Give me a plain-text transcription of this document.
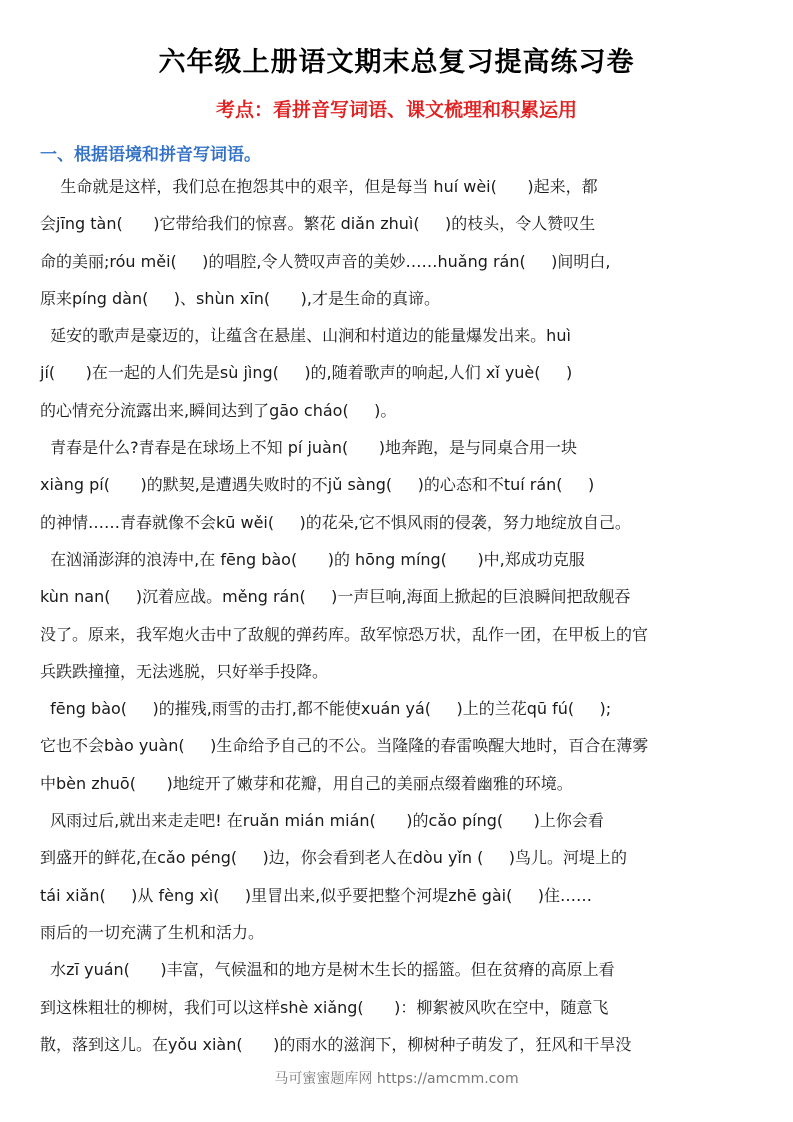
六年级上册语文期末总复习提高练习卷
考点：看拼音写词语、课文梳理和积累运用
一、根据语境和拼音写词语。
生命就是这样，我们总在抱怨其中的艰辛，但是每当 huí wèi(      )起来，都
会jīng tàn(      )它带给我们的惊喜。繁花 diǎn zhuì(     )的枝头，令人赞叹生
命的美丽;róu měi(     )的唱腔,令人赞叹声音的美妙……huǎng rán(     )间明白,
原来píng dàn(     )、shùn xīn(      ),才是生命的真谛。
延安的歌声是豪迈的，让蕴含在悬崖、山涧和村道边的能量爆发出来。huì
jí(      )在一起的人们先是sù jìng(     )的,随着歌声的响起,人们 xǐ yuè(     )
的心情充分流露出来,瞬间达到了gāo cháo(     )。
青春是什么?青春是在球场上不知 pí juàn(      )地奔跑，是与同桌合用一块
xiàng pí(      )的默契,是遭遇失败时的不jǔ sàng(     )的心态和不tuí rán(     )
的神情……青春就像不会kū wěi(     )的花朵,它不惧风雨的侵袭，努力地绽放自己。
在汹涌澎湃的浪涛中,在 fēng bào(      )的 hōng míng(      )中,郑成功克服
kùn nan(     )沉着应战。měng rán(     )一声巨响,海面上掀起的巨浪瞬间把敌舰吞
没了。原来，我军炮火击中了敌舰的弹药库。敌军惊恐万状，乱作一团，在甲板上的官
兵跌跌撞撞，无法逃脱，只好举手投降。
fēng bào(     )的摧残,雨雪的击打,都不能使xuán yá(     )上的兰花qū fú(     );
它也不会bào yuàn(     )生命给予自己的不公。当隆隆的春雷唤醒大地时，百合在薄雾
中bèn zhuō(      )地绽开了嫩芽和花瓣，用自己的美丽点缀着幽雅的环境。
风雨过后,就出来走走吧! 在ruǎn mián mián(      )的cǎo píng(      )上你会看
到盛开的鲜花,在cǎo péng(     )边，你会看到老人在dòu yǐn (     )鸟儿。河堤上的
tái xiǎn(     )从 fèng xì(     )里冒出来,似乎要把整个河堤zhē gài(     )住……
雨后的一切充满了生机和活力。
水zī yuán(      )丰富，气候温和的地方是树木生长的摇篮。但在贫瘠的高原上看
到这株粗壮的柳树，我们可以这样shè xiǎng(      )：柳絮被风吹在空中，随意飞
散，落到这儿。在yǒu xiàn(      )的雨水的滋润下，柳树种子萌发了，狂风和干旱没
马可蜜蜜题库网 https://amcmm.com
